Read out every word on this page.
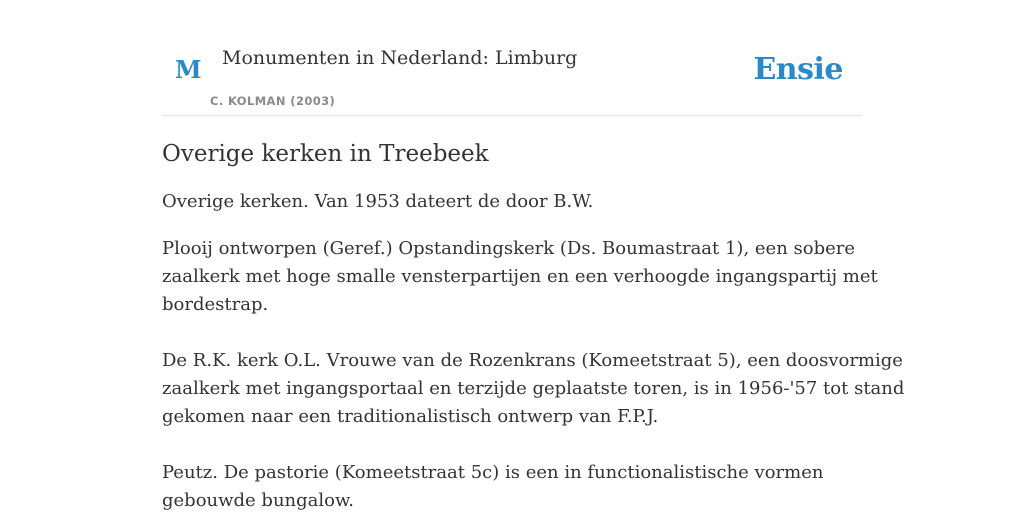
M Monumenten in Nederland: Limburg
C. KOLMAN (2003)
Ensie
Overige kerken in Treebeek

Overige kerken. Van 1953 dateert de door B.W.

Plooij ontworpen (Geref.) Opstandingskerk (Ds. Boumastraat 1), een sobere
zaalkerk met hoge smalle vensterpartijen en een verhoogde ingangspartij met
bordestrap.
De R.K. kerk O.L. Vrouwe van de Rozenkrans (Komeetstraat 5), een doosvormige
zaalkerk met ingangsportaal en terzijde geplaatste toren, is in 1956-'57 tot stand
gekomen naar een traditionalistisch ontwerp van F.P.J.
Peutz. De pastorie (Komeetstraat 5c) is een in functionalistische vormen
gebouwde bungalow.
